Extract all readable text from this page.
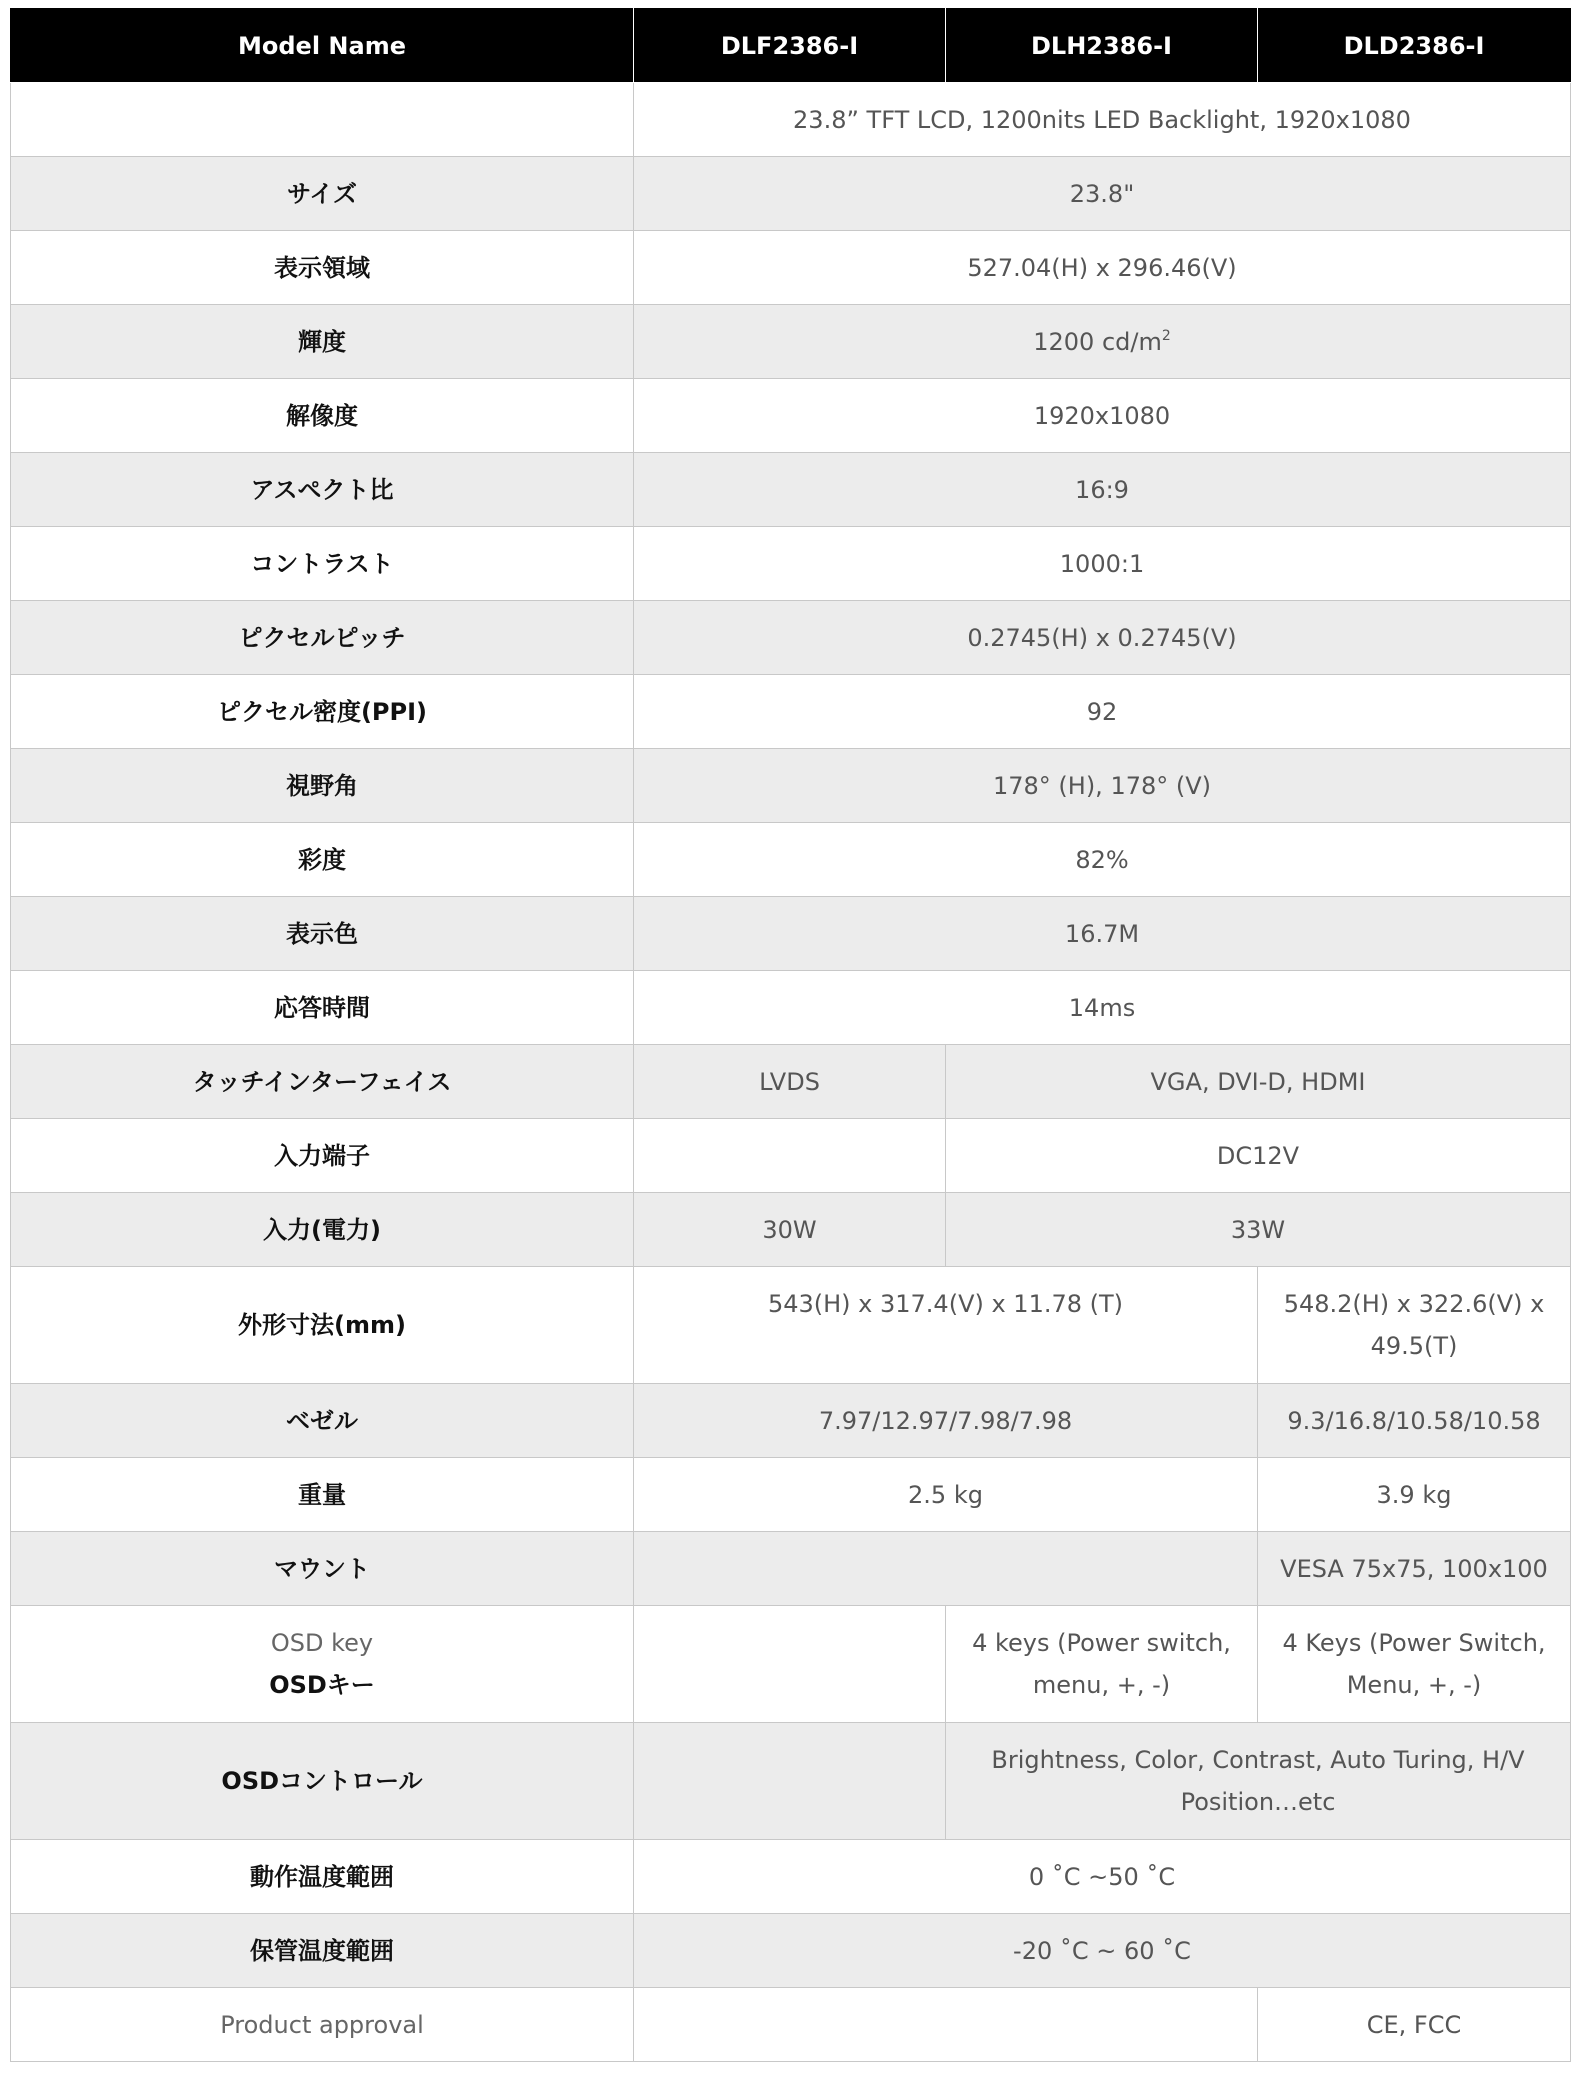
Model Name	DLF2386-I	DLH2386-I	DLD2386-I
	23.8” TFT LCD, 1200nits LED Backlight, 1920x1080		
サイズ	23.8"		
表示領域	527.04(H) x 296.46(V)		
輝度	1200 $cd/m^2$
解像度	1920x1080		
アスペクト比	16:9		
コントラスト	1000:1		
ピクセルピッチ	0.2745(H) x 0.2745(V)		
ピクセル密度(PPI)	92		
視野角	178° (H), 178° (V)		
彩度	82%		
表示色	16.7M		
応答時間	14ms		
タッチインターフェイス	LVDS	VGA, DVI-D, HDMI	
入力端子		DC12V	
入力(電力)	30W	33W	
外形寸法(mm)	543(H) x 317.4(V) x 11.78 (T)		548.2(H) x 322.6(V) x 49.5(T)
ベゼル	7.97/12.97/7.98/7.98		9.3/16.8/10.58/10.58
重量	2.5 kg		3.9 kg
マウント			VESA 75x75, 100x100

OSD key
OSDキー		4 keys (Power switch, menu, +, -)	4 Keys (Power Switch, Menu, +, -)
OSDコントロール		Brightness, Color, Contrast, Auto Turing, H/V Position…etc	
動作温度範囲	0 ˚C ~50 ˚C		
保管温度範囲	-20 ˚C ~ 60 ˚C		
Product approval			CE, FCC
